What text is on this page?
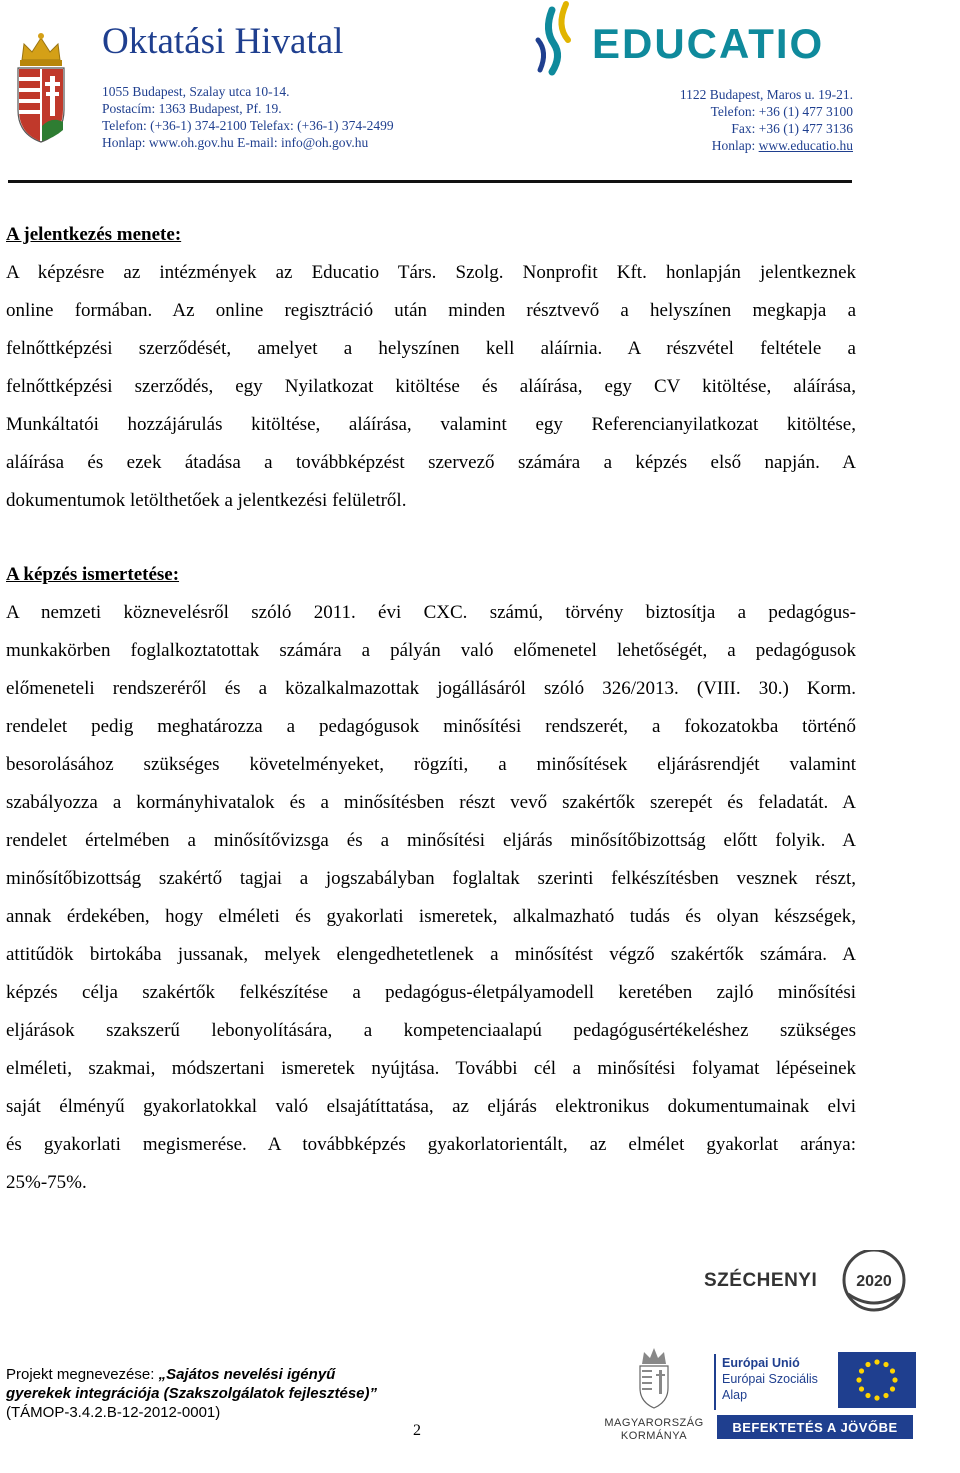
Oktatási Hivatal
1055 Budapest, Szalay utca 10-14.
Postacím: 1363 Budapest, Pf. 19.
Telefon: (+36-1) 374-2100 Telefax: (+36-1) 374-2499
Honlap: www.oh.gov.hu E-mail: info@oh.gov.hu
EDUCATIO
1122 Budapest, Maros u. 19-21.
Telefon: +36 (1) 477 3100
Fax: +36 (1) 477 3136
Honlap: www.educatio.hu
A jelentkezés menete:
A képzésre az intézmények az Educatio Társ. Szolg. Nonprofit Kft. honlapján jelentkeznek
online formában. Az online regisztráció után minden résztvevő a helyszínen megkapja a
felnőttképzési szerződését, amelyet a helyszínen kell aláírnia. A részvétel feltétele a
felnőttképzési szerződés, egy Nyilatkozat kitöltése és aláírása, egy CV kitöltése, aláírása,
Munkáltatói hozzájárulás kitöltése, aláírása, valamint egy Referencianyilatkozat kitöltése,
aláírása és ezek átadása a továbbképzést szervező számára a képzés első napján. A
dokumentumok letölthetőek a jelentkezési felületről.
A képzés ismertetése:
A nemzeti köznevelésről szóló 2011. évi CXC. számú, törvény biztosítja a pedagógus-
munkakörben foglalkoztatottak számára a pályán való előmenetel lehetőségét, a pedagógusok
előmeneteli rendszeréről és a közalkalmazottak jogállásáról szóló 326/2013. (VIII. 30.) Korm.
rendelet pedig meghatározza a pedagógusok minősítési rendszerét, a fokozatokba történő
besorolásához szükséges követelményeket, rögzíti, a minősítések eljárásrendjét valamint
szabályozza a kormányhivatalok és a minősítésben részt vevő szakértők szerepét és feladatát. A
rendelet értelmében a minősítővizsga és a minősítési eljárás minősítőbizottság előtt folyik. A
minősítőbizottság szakértő tagjai a jogszabályban foglaltak szerinti felkészítésben vesznek részt,
annak érdekében, hogy elméleti és gyakorlati ismeretek, alkalmazható tudás és olyan készségek,
attitűdök birtokába jussanak, melyek elengedhetetlenek a minősítést végző szakértők számára. A
képzés célja szakértők felkészítése a pedagógus-életpályamodell keretében zajló minősítési
eljárások szakszerű lebonyolítására, a kompetenciaalapú pedagógusértékeléshez szükséges
elméleti, szakmai, módszertani ismeretek nyújtása. További cél a minősítési folyamat lépéseinek
saját élményű gyakorlatokkal való elsajátíttatása, az eljárás elektronikus dokumentumainak elvi
és gyakorlati megismerése. A továbbképzés gyakorlatorientált, az elmélet gyakorlat aránya:
25%-75%.
SZÉCHENYI 2020
Projekt megnevezése: „Sajátos nevelési igényű
gyerekek integrációja (Szakszolgálatok fejlesztése)”
(TÁMOP-3.4.2.B-12-2012-0001)
2	MAGYARORSZÁG
KORMÁNYA
Európai Unió
Európai Szociális
Alap
BEFEKTETÉS A JÖVŐBE
